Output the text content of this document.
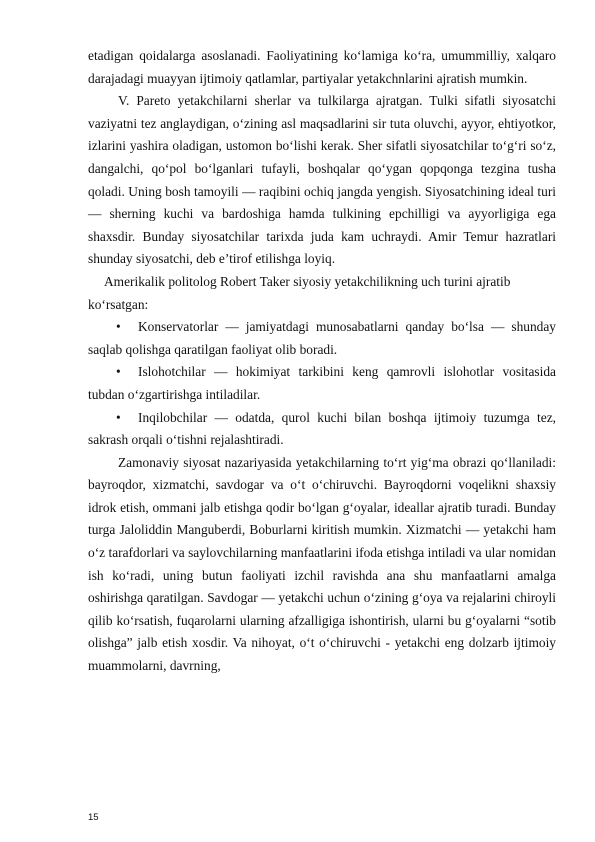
etadigan qoidalarga asoslanadi. Faoliyatining ko‘lamiga ko‘ra, umummilliy, xalqaro darajadagi muayyan ijtimoiy qatlamlar, partiyalar yetakchnlarini ajratish mumkin.

V. Pareto yetakchilarni sherlar va tulkilarga ajratgan. Tulki sifatli siyosatchi vaziyatni tez anglaydigan, o‘zining asl maqsadlarini sir tuta oluvchi, ayyor, ehtiyotkor, izlarini yashira oladigan, ustomon bo‘lishi kerak. Sher sifatli siyosatchilar to‘g‘ri so‘z, dangalchi, qo‘pol bo‘lganlari tufayli, boshqalar qo‘ygan qopqonga tezgina tusha qoladi. Uning bosh tamoyili — raqibini ochiq jangda yengish. Siyosatchining ideal turi — sherning kuchi va bardoshiga hamda tulkining epchilligi va ayyorligiga ega shaxsdir. Bunday siyosatchilar tarixda juda kam uchraydi. Amir Temur hazratlari shunday siyosatchi, deb e’tirof etilishga loyiq.

Amerikalik politolog Robert Taker siyosiy yetakchilikning uch turini ajratib ko‘rsatgan:

• Konservatorlar — jamiyatdagi munosabatlarni qanday bo‘lsa — shunday saqlab qolishga qaratilgan faoliyat olib boradi.

• Islohotchilar — hokimiyat tarkibini keng qamrovli islohotlar vositasida tubdan o‘zgartirishga intiladilar.

• Inqilobchilar — odatda, qurol kuchi bilan boshqa ijtimoiy tuzumga tez, sakrash orqali o‘tishni rejalashtiradi.

Zamonaviy siyosat nazariyasida yetakchilarning to‘rt yig‘ma obrazi qo‘llaniladi: bayroqdor, xizmatchi, savdogar va o‘t o‘chiruvchi. Bayroqdorni voqelikni shaxsiy idrok etish, ommani jalb etishga qodir bo‘lgan g‘oyalar, ideallar ajratib turadi. Bunday turga Jaloliddin Manguberdi, Boburlarni kiritish mumkin. Xizmatchi — yetakchi ham o‘z tarafdorlari va saylovchilarning manfaatlarini ifoda etishga intiladi va ular nomidan ish ko‘radi, uning butun faoliyati izchil ravishda ana shu manfaatlarni amalga oshirishga qaratilgan. Savdogar — yetakchi uchun o‘zining g‘oya va rejalarini chiroyli qilib ko‘rsatish, fuqarolarni ularning afzalligiga ishontirish, ularni bu g‘oyalarni “sotib olishga” jalb etish xosdir. Va nihoyat, o‘t o‘chiruvchi - yetakchi eng dolzarb ijtimoiy muammolarni, davrning,

15
